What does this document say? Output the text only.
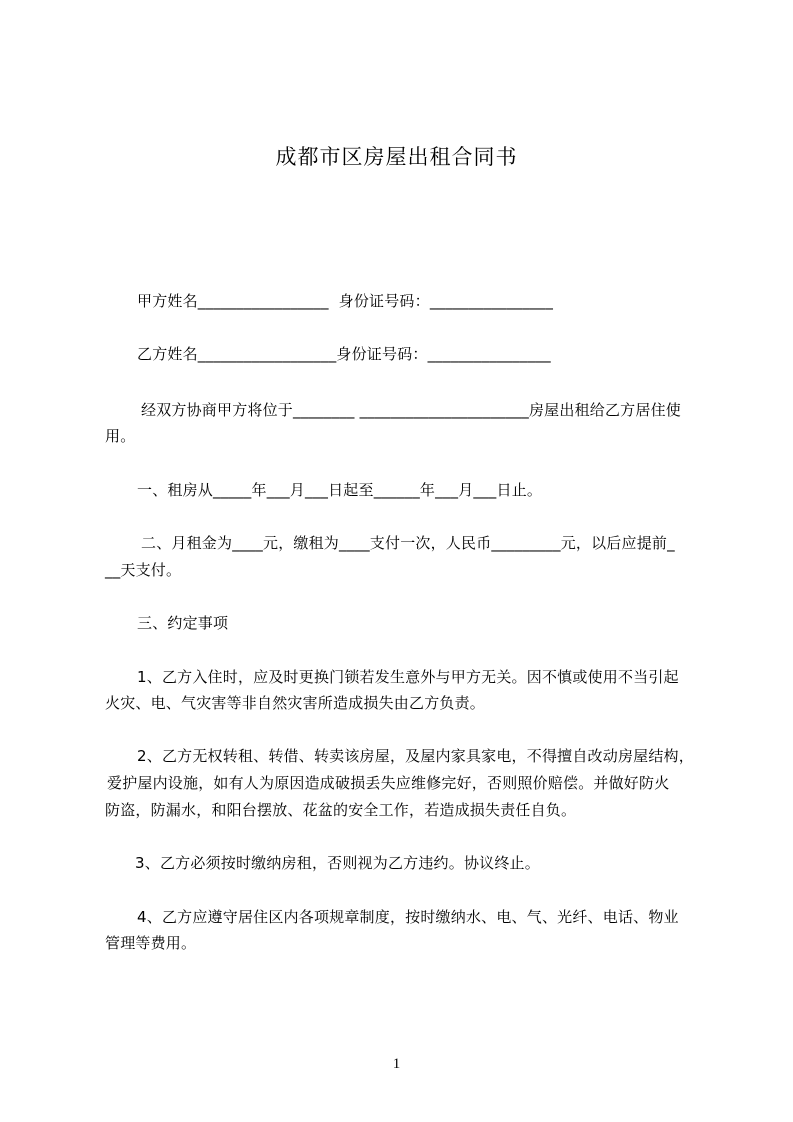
成都市区房屋出租合同书
甲方姓名_________________  身份证号码：________________
乙方姓名__________________身份证号码：________________
经双方协商甲方将位于________ ______________________房屋出租给乙方居住使
用。
一、租房从_____年___月___日起至______年___月___日止。
二、月租金为____元，缴租为____支付一次，人民币_________元，以后应提前_
__天支付。
三、约定事项
1、乙方入住时，应及时更换门锁若发生意外与甲方无关。因不慎或使用不当引起
火灾、电、气灾害等非自然灾害所造成损失由乙方负责。
2、乙方无权转租、转借、转卖该房屋，及屋内家具家电，不得擅自改动房屋结构，
爱护屋内设施，如有人为原因造成破损丢失应维修完好，否则照价赔偿。并做好防火
防盗，防漏水，和阳台摆放、花盆的安全工作，若造成损失责任自负。
3、乙方必须按时缴纳房租，否则视为乙方违约。协议终止。
4、乙方应遵守居住区内各项规章制度，按时缴纳水、电、气、光纤、电话、物业
管理等费用。
1
